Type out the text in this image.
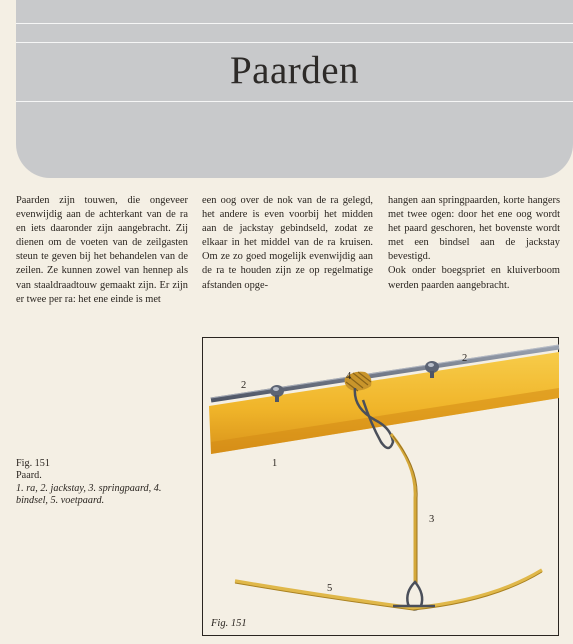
Paarden

Paarden zijn touwen, die ongeveer evenwijdig aan de achterkant van de ra en iets daaronder zijn aangebracht. Zij dienen om de voeten van de zeilgasten steun te geven bij het behandelen van de zeilen. Ze kunnen zowel van hennep als van staaldraadtouw gemaakt zijn. Er zijn er twee per ra: het ene einde is met

een oog over de nok van de ra gelegd, het andere is even voorbij het midden aan de jackstay gebindseld, zodat ze elkaar in het middel van de ra kruisen. Om ze zo goed mogelijk evenwijdig aan de ra te houden zijn ze op regelmatige afstanden opge-

hangen aan springpaarden, korte hangers met twee ogen: door het ene oog wordt het paard geschoren, het bovenste wordt met een bindsel aan de jackstay bevestigd.

Ook onder boegspriet en kluiverboom werden paarden aangebracht.

Fig. 151
Paard.
1. ra, 2. jackstay, 3. springpaard, 4. bindsel, 5. voetpaard.
2
2
4
1
3
5
Fig. 151
